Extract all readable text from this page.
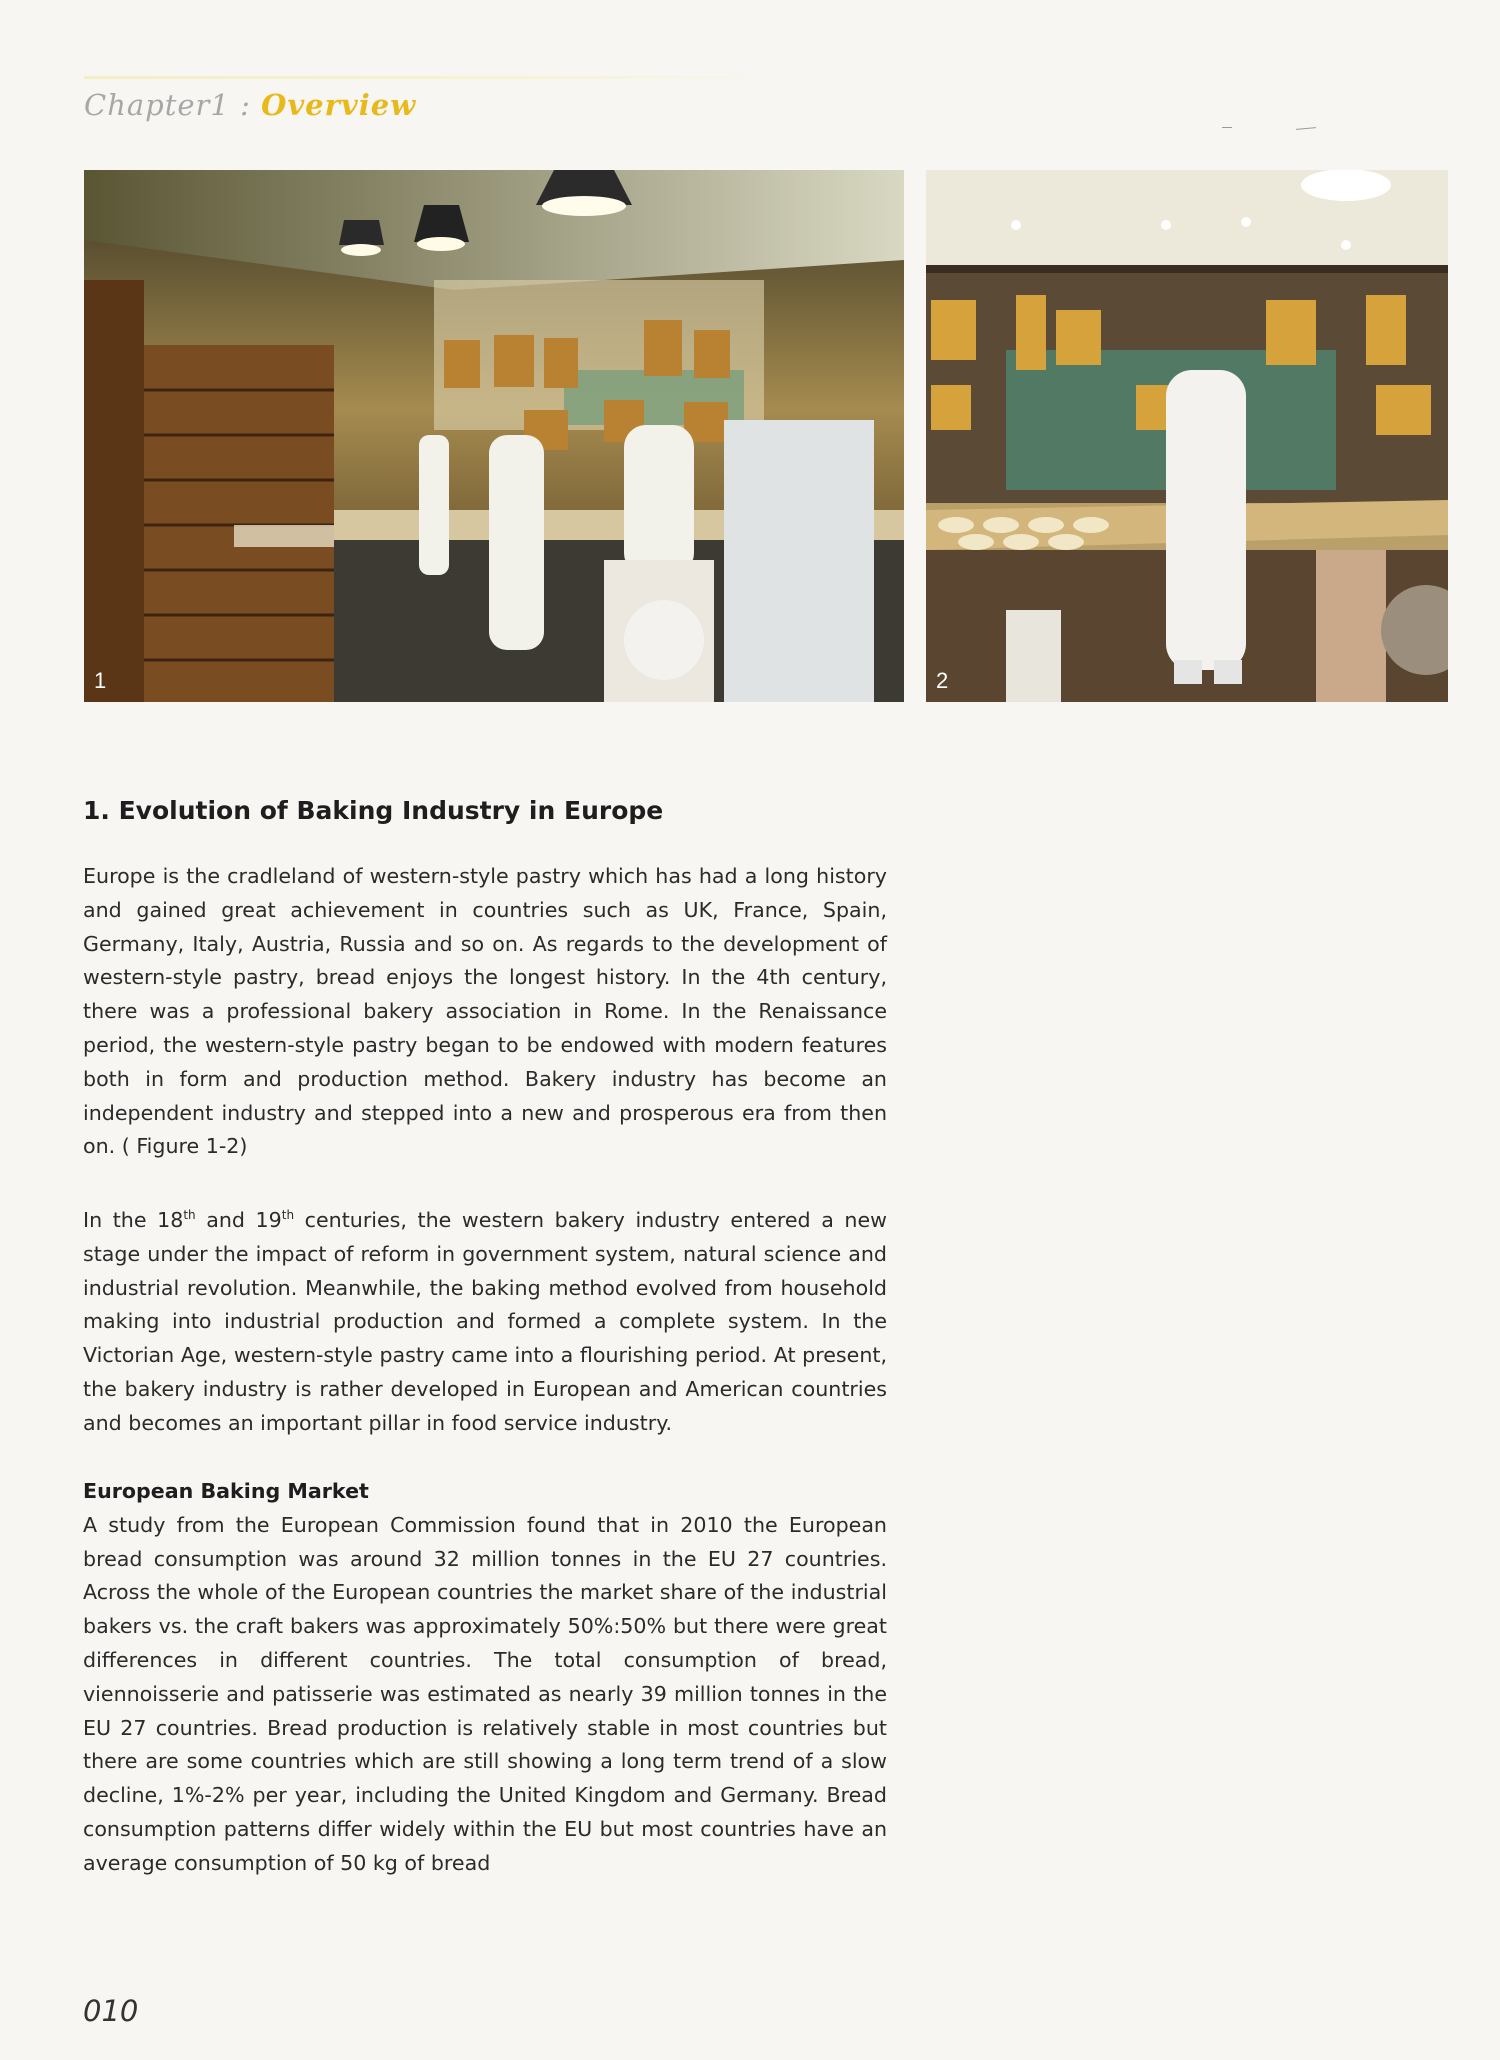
Chapter1 : Overview
1	2
1. Evolution of Baking Industry in Europe
Europe is the cradleland of western-style pastry which has had a long history and gained great achievement in countries such as UK, France, Spain, Germany, Italy, Austria, Russia and so on. As regards to the development of western-style pastry, bread enjoys the longest history. In the 4th century, there was a professional bakery association in Rome. In the Renaissance period, the western-style pastry began to be endowed with modern features both in form and production method. Bakery industry has become an independent industry and stepped into a new and prosperous era from then on. ( Figure 1-2)
In the 18th and 19th centuries, the western bakery industry entered a new stage under the impact of reform in government system, natural science and industrial revolution. Meanwhile, the baking method evolved from household making into industrial production and formed a complete system. In the Victorian Age, western-style pastry came into a flourishing period. At present, the bakery industry is rather developed in European and American countries and becomes an important pillar in food service industry.
European Baking Market
A study from the European Commission found that in 2010 the European bread consumption was around 32 million tonnes in the EU 27 countries. Across the whole of the European countries the market share of the industrial bakers vs. the craft bakers was approximately 50%:50% but there were great differences in different countries. The total consumption of bread, viennoisserie and patisserie was estimated as nearly 39 million tonnes in the EU 27 countries. Bread production is relatively stable in most countries but there are some countries which are still showing a long term trend of a slow decline, 1%-2% per year, including the United Kingdom and Germany. Bread consumption patterns differ widely within the EU but most countries have an average consumption of 50 kg of bread
010
